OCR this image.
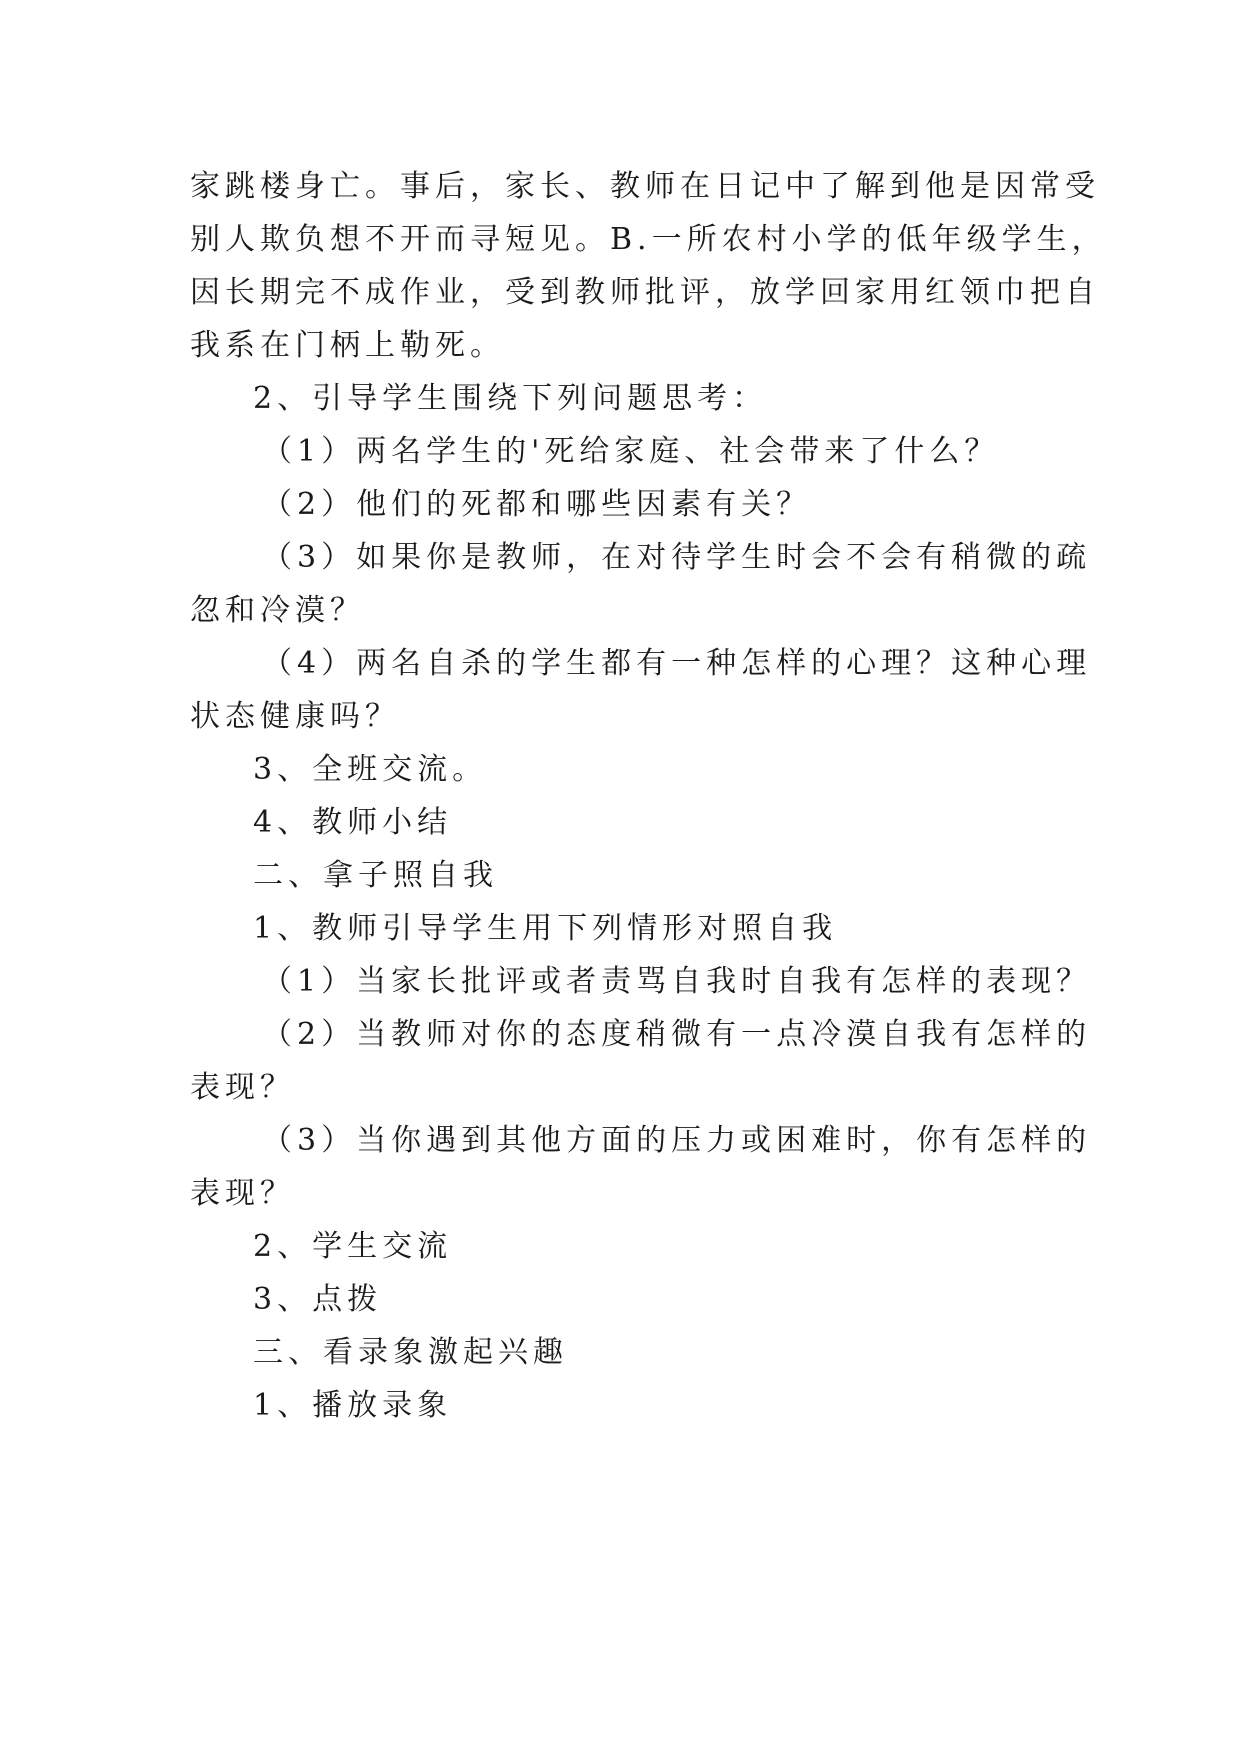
家跳楼身亡。事后，家长、教师在日记中了解到他是因常受
别人欺负想不开而寻短见。B.一所农村小学的低年级学生，
因长期完不成作业，受到教师批评，放学回家用红领巾把自
我系在门柄上勒死。
2、引导学生围绕下列问题思考：
（1）两名学生的'死给家庭、社会带来了什么？
（2）他们的死都和哪些因素有关？
（3）如果你是教师，在对待学生时会不会有稍微的疏
忽和冷漠？
（4）两名自杀的学生都有一种怎样的心理？这种心理
状态健康吗？
3、全班交流。
4、教师小结
二、拿子照自我
1、教师引导学生用下列情形对照自我
（1）当家长批评或者责骂自我时自我有怎样的表现？
（2）当教师对你的态度稍微有一点冷漠自我有怎样的
表现？
（3）当你遇到其他方面的压力或困难时，你有怎样的
表现？
2、学生交流
3、点拨
三、看录象激起兴趣
1、播放录象
